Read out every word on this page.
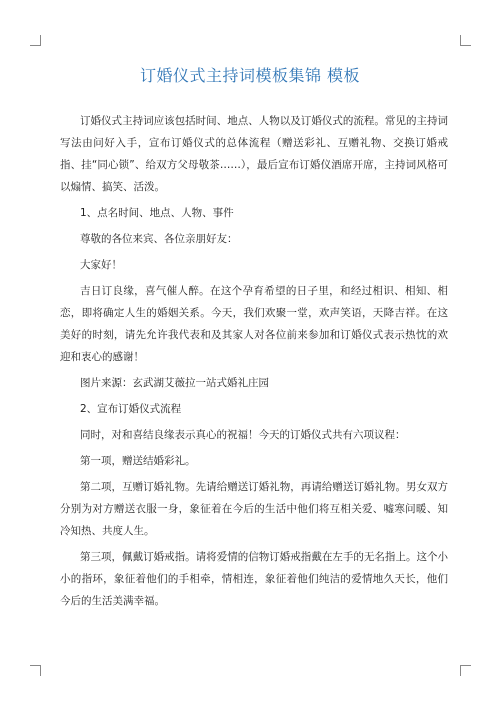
订婚仪式主持词模板集锦 模板

订婚仪式主持词应该包括时间、地点、人物以及订婚仪式的流程。常见的主持词写法由问好入手，宣布订婚仪式的总体流程（赠送彩礼、互赠礼物、交换订婚戒指、挂“同心锁”、给双方父母敬茶……），最后宣布订婚仪酒席开席，主持词风格可以煽情、搞笑、活泼。

1、点名时间、地点、人物、事件

尊敬的各位来宾、各位亲朋好友：

大家好！

吉日订良缘，喜气催人醉。在这个孕育希望的日子里，和经过相识、相知、相恋，即将确定人生的婚姻关系。今天，我们欢聚一堂，欢声笑语，天降吉祥。在这美好的时刻，请先允许我代表和及其家人对各位前来参加和订婚仪式表示热忱的欢迎和衷心的感谢！

图片来源：玄武湖艾薇拉一站式婚礼庄园

2、宣布订婚仪式流程

同时，对和喜结良缘表示真心的祝福！今天的订婚仪式共有六项议程：

第一项，赠送结婚彩礼。

第二项，互赠订婚礼物。先请给赠送订婚礼物，再请给赠送订婚礼物。男女双方分别为对方赠送衣服一身，象征着在今后的生活中他们将互相关爱、嘘寒问暖、知冷知热、共度人生。

第三项，佩戴订婚戒指。请将爱情的信物订婚戒指戴在左手的无名指上。这个小小的指环，象征着他们的手相牵，情相连，象征着他们纯洁的爱情地久天长，他们今后的生活美满幸福。
